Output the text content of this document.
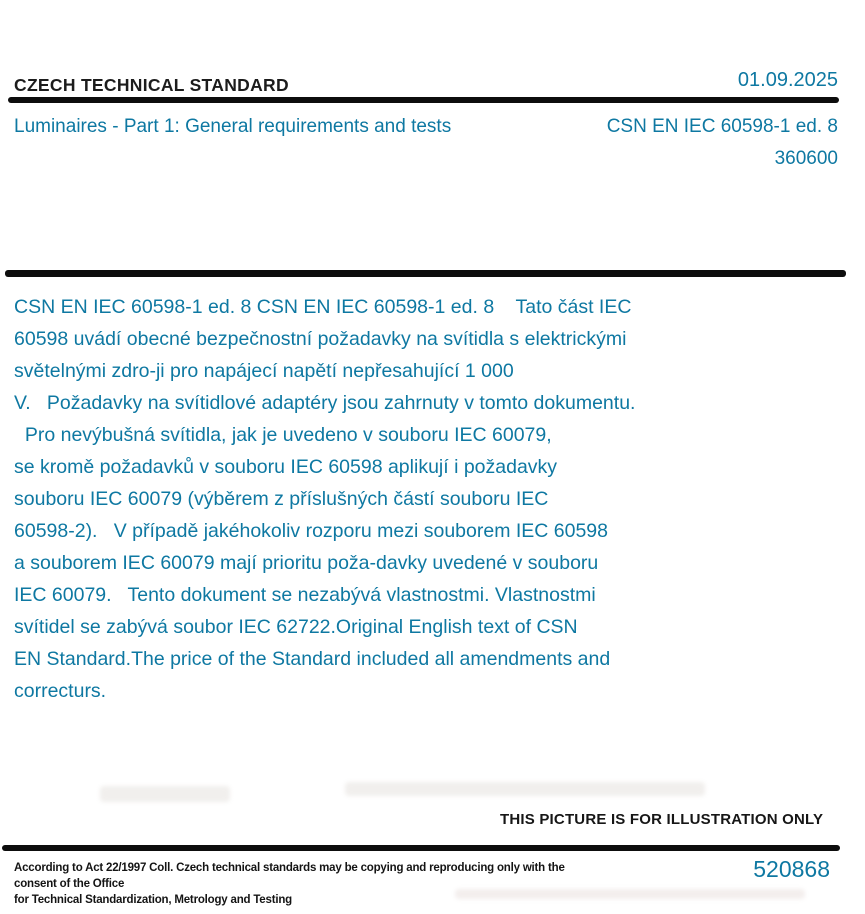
CZECH TECHNICAL STANDARD	01.09.2025
Luminaires - Part 1: General requirements and tests	CSN EN IEC 60598-1 ed. 8
360600
CSN EN IEC 60598-1 ed. 8 CSN EN IEC 60598-1 ed. 8    Tato část IEC
60598 uvádí obecné bezpečnostní požadavky na svítidla s elektrickými
světelnými zdro-ji pro napájecí napětí nepřesahující 1 000
V.   Požadavky na svítidlové adaptéry jsou zahrnuty v tomto dokumentu.
Pro nevýbušná svítidla, jak je uvedeno v souboru IEC 60079,
se kromě požadavků v souboru IEC 60598 aplikují i požadavky
souboru IEC 60079 (výběrem z příslušných částí souboru IEC
60598-2).   V případě jakéhokoliv rozporu mezi souborem IEC 60598
a souborem IEC 60079 mají prioritu poža-davky uvedené v souboru
IEC 60079.   Tento dokument se nezabývá vlastnostmi. Vlastnostmi
svítidel se zabývá soubor IEC 62722.Original English text of CSN
EN Standard.The price of the Standard included all amendments and
correcturs.
THIS PICTURE IS FOR ILLUSTRATION ONLY
According to Act 22/1997 Coll. Czech technical standards may be copying and reproducing only with the consent of the Office
for Technical Standardization, Metrology and Testing
520868
